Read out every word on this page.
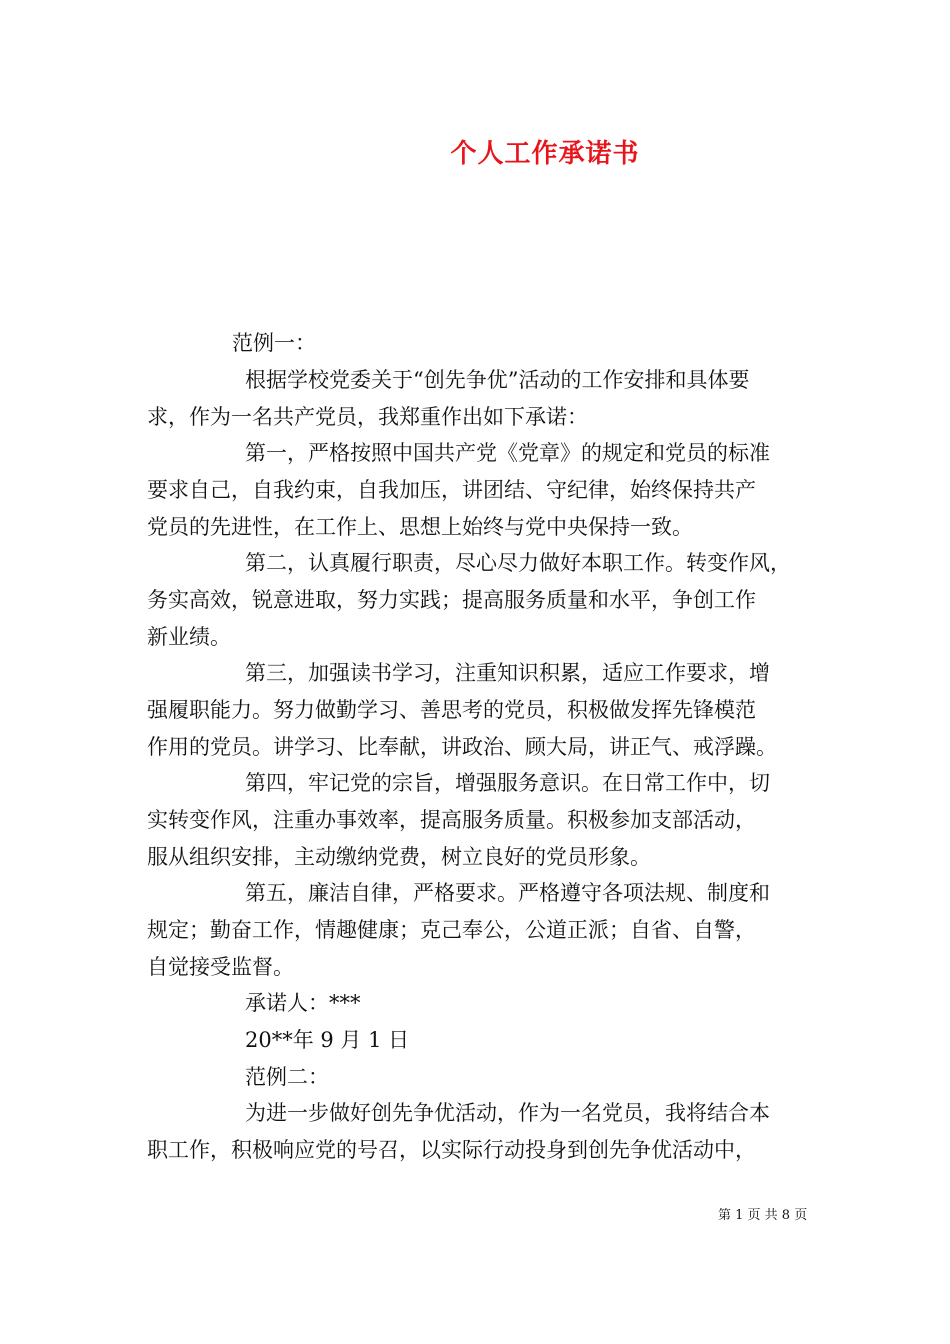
个人工作承诺书
范例一：
根据学校党委关于“创先争优”活动的工作安排和具体要
求，作为一名共产党员，我郑重作出如下承诺：
第一，严格按照中国共产党《党章》的规定和党员的标准
要求自己，自我约束，自我加压，讲团结、守纪律，始终保持共产
党员的先进性，在工作上、思想上始终与党中央保持一致。
第二，认真履行职责，尽心尽力做好本职工作。转变作风，
务实高效，锐意进取，努力实践；提高服务质量和水平，争创工作
新业绩。
第三，加强读书学习，注重知识积累，适应工作要求，增
强履职能力。努力做勤学习、善思考的党员，积极做发挥先锋模范
作用的党员。讲学习、比奉献，讲政治、顾大局，讲正气、戒浮躁。
第四，牢记党的宗旨，增强服务意识。在日常工作中，切
实转变作风，注重办事效率，提高服务质量。积极参加支部活动，
服从组织安排，主动缴纳党费，树立良好的党员形象。
第五，廉洁自律，严格要求。严格遵守各项法规、制度和
规定；勤奋工作，情趣健康；克己奉公，公道正派；自省、自警，
自觉接受监督。
承诺人：***
20**年 9 月 1 日
范例二：
为进一步做好创先争优活动，作为一名党员，我将结合本
职工作，积极响应党的号召，以实际行动投身到创先争优活动中，
第 1 页 共 8 页
